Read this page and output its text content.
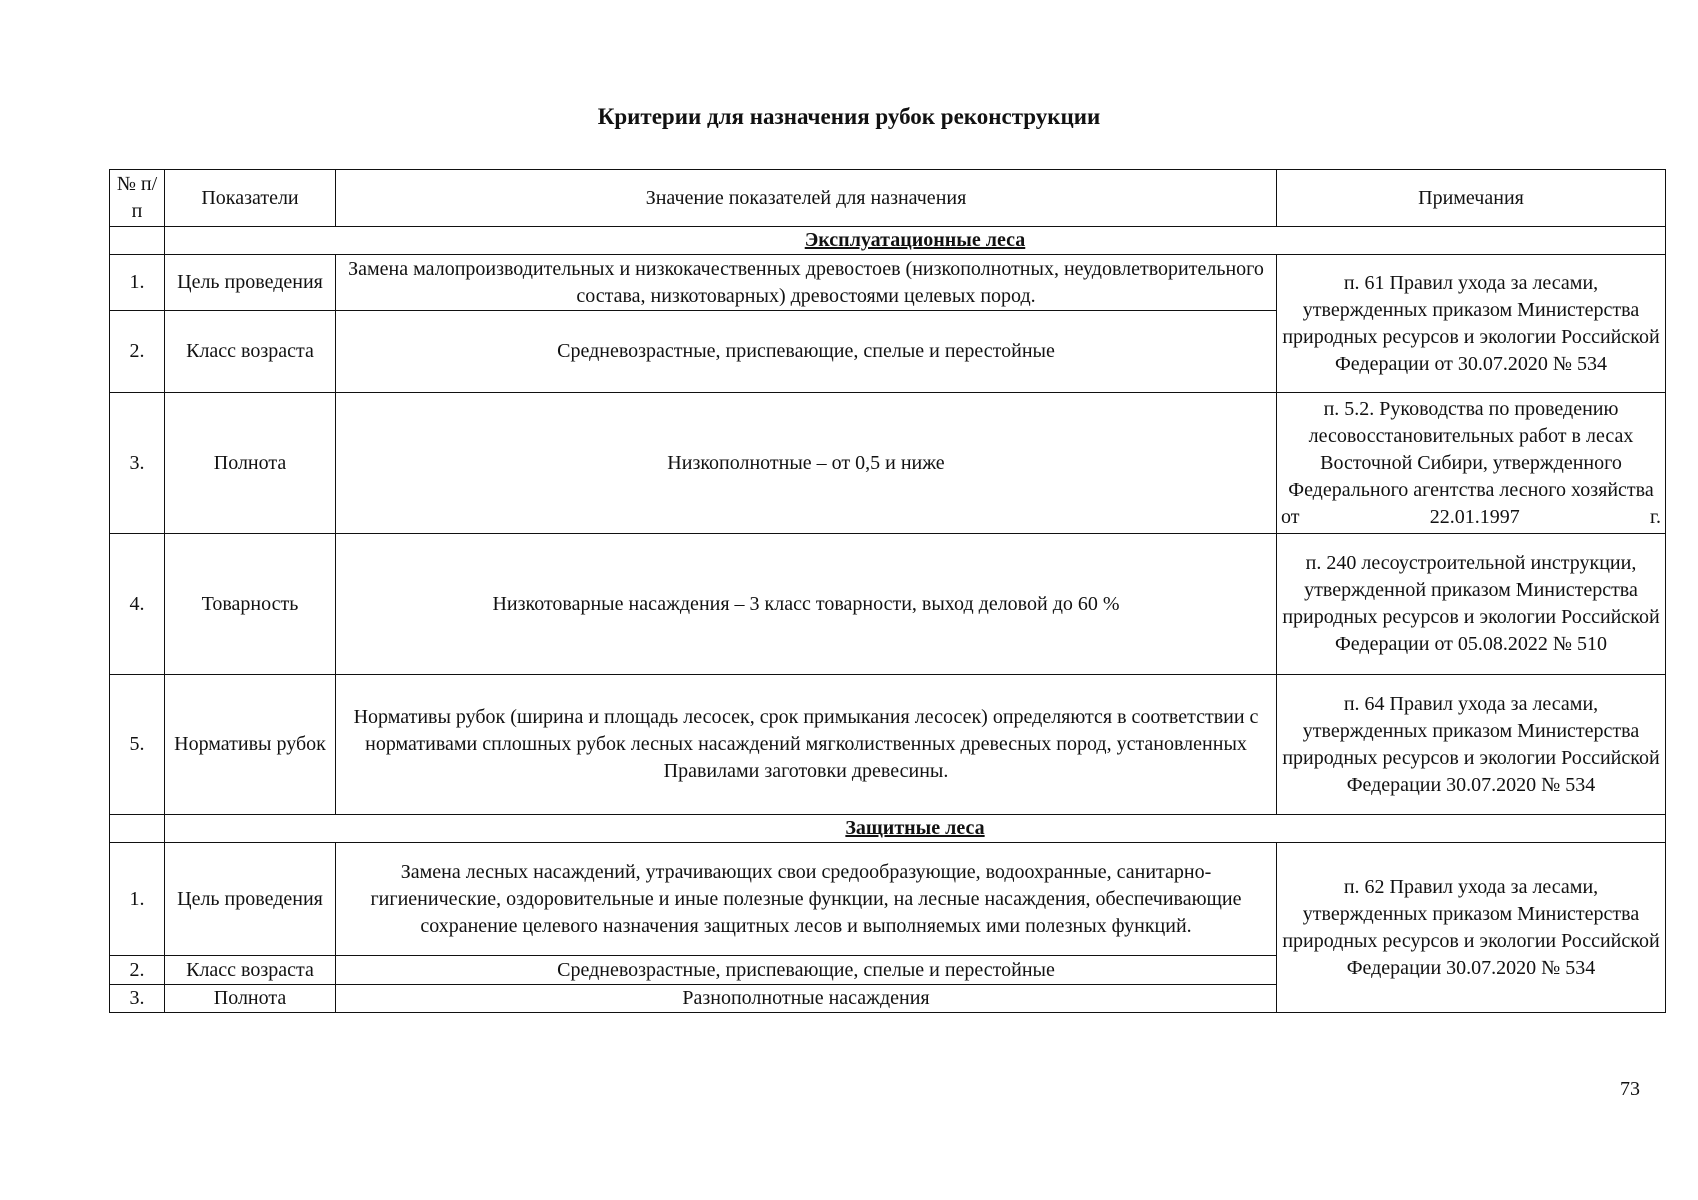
Критерии для назначения рубок реконструкции
№ п/п	Показатели	Значение показателей для назначения	Примечания
	Эксплуатационные леса		
1.	Цель проведения	Замена малопроизводительных и низкокачественных древостоев (низкополнотных, неудовлетворительного состава, низкотоварных) древостоями целевых пород.	п. 61 Правил ухода за лесами, утвержденных приказом Министерства природных ресурсов и экологии Российской Федерации от 30.07.2020 № 534
2.	Класс возраста	Средневозрастные, приспевающие, спелые и перестойные	
3.	Полнота	Низкополнотные – от 0,5 и ниже	п. 5.2. Руководства по проведению лесовосстановительных работ в лесах Восточной Сибири, утвержденного Федерального агентства лесного хозяйства от 22.01.1997 г.
4.	Товарность	Низкотоварные насаждения – 3 класс товарности, выход деловой до 60 %	п. 240 лесоустроительной инструкции, утвержденной приказом Министерства природных ресурсов и экологии Российской Федерации от 05.08.2022 № 510
5.	Нормативы рубок	Нормативы рубок (ширина и площадь лесосек, срок примыкания лесосек) определяются в соответствии с нормативами сплошных рубок лесных насаждений мягколиственных древесных пород, установленных Правилами заготовки древесины.	п. 64 Правил ухода за лесами, утвержденных приказом Министерства природных ресурсов и экологии Российской Федерации 30.07.2020 № 534
	Защитные леса		
1.	Цель проведения	Замена лесных насаждений, утрачивающих свои средообразующие, водоохранные, санитарно-гигиенические, оздоровительные и иные полезные функции, на лесные насаждения, обеспечивающие сохранение целевого назначения защитных лесов и выполняемых ими полезных функций.	п. 62 Правил ухода за лесами, утвержденных приказом Министерства природных ресурсов и экологии Российской Федерации 30.07.2020 № 534
2.	Класс возраста	Средневозрастные, приспевающие, спелые и перестойные	
3.	Полнота	Разнополнотные насаждения	
73
